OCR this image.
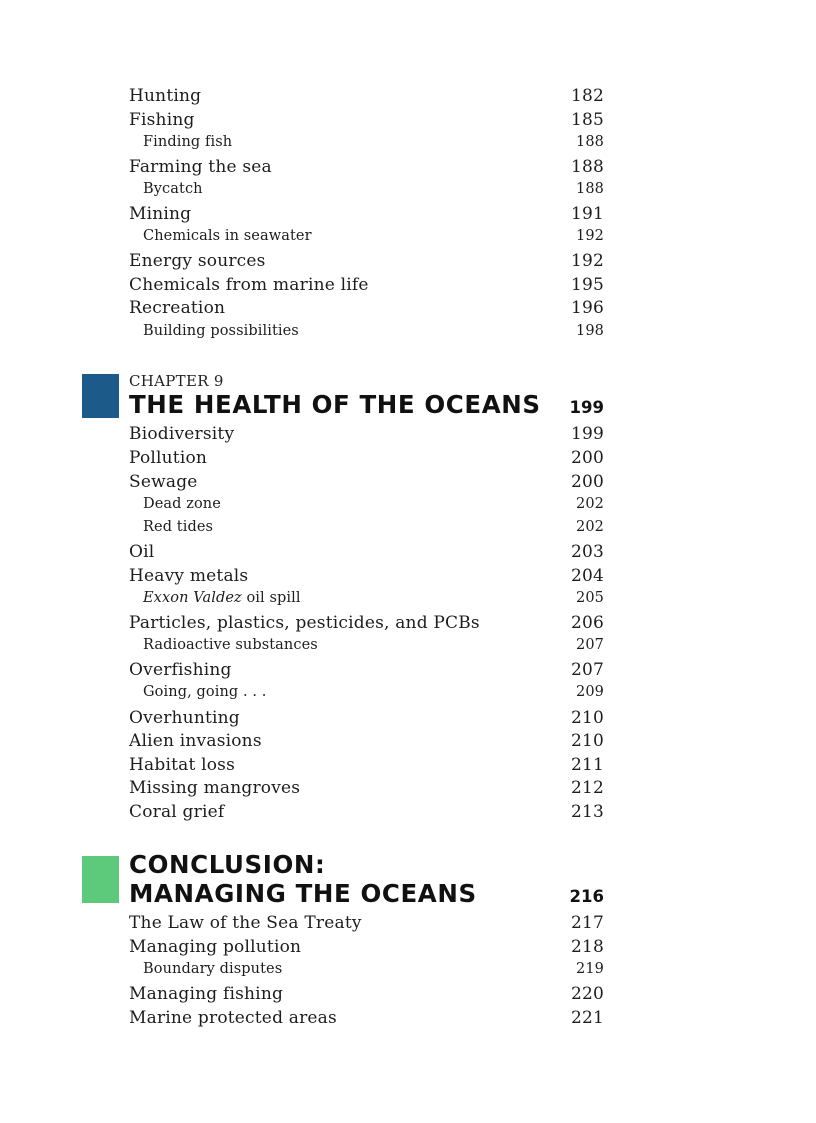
Hunting	182
Fishing	185
Finding fish	188
Farming the sea	188
Bycatch	188
Mining	191
Chemicals in seawater	192
Energy sources	192
Chemicals from marine life	195
Recreation	196
Building possibilities	198
CHAPTER 9
THE HEALTH OF THE OCEANS 199
Biodiversity	199
Pollution	200
Sewage	200
Dead zone	202
Red tides	202
Oil	203
Heavy metals	204
Exxon Valdez oil spill	205
Particles, plastics, pesticides, and PCBs	206
Radioactive substances	207
Overfishing	207
Going, going . . .	209
Overhunting	210
Alien invasions	210
Habitat loss	211
Missing mangroves	212
Coral grief	213
CONCLUSION:
MANAGING THE OCEANS	216
The Law of the Sea Treaty	217
Managing pollution	218
Boundary disputes	219
Managing fishing	220
Marine protected areas	221
